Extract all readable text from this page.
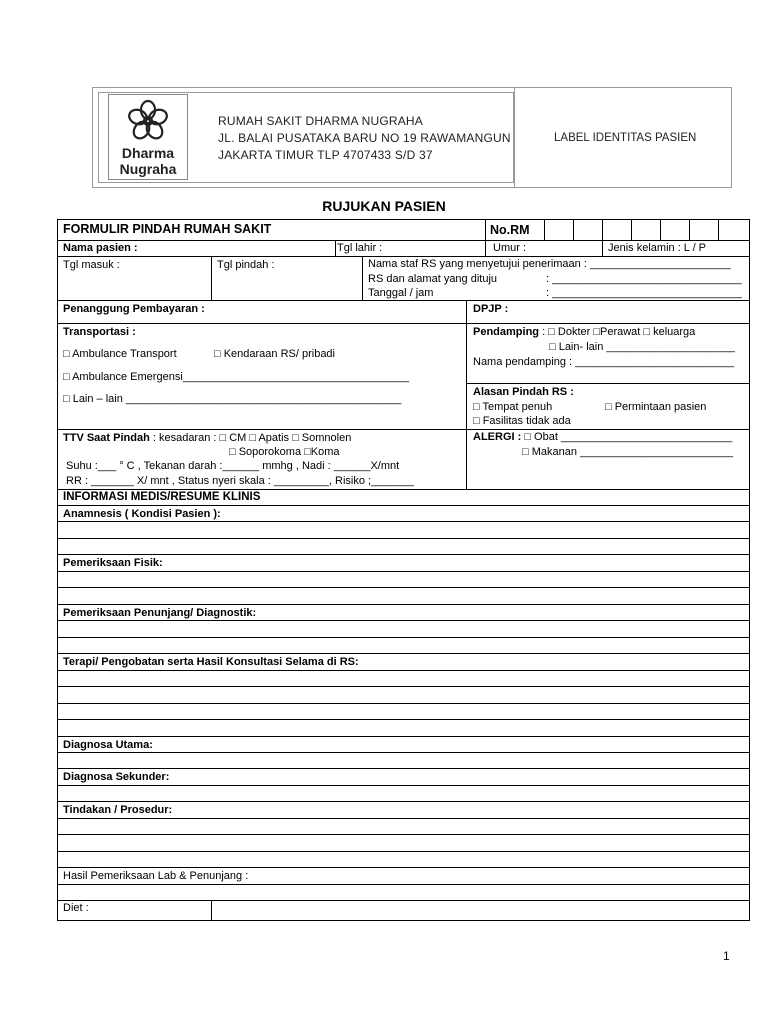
Dharma
Nugraha
RUMAH SAKIT DHARMA NUGRAHA
JL. BALAI PUSATAKA BARU NO 19 RAWAMANGUN
JAKARTA TIMUR TLP 4707433 S/D 37
LABEL IDENTITAS PASIEN
RUJUKAN PASIEN
FORMULIR PINDAH RUMAH SAKIT	No.RM
Nama pasien :	Tgl lahir :	Umur :	Jenis kelamin : L / P
Tgl masuk :	Tgl pindah :	Nama staf RS yang menyetujui penerimaan : _______________________
RS dan alamat yang dituju	: _______________________________
Tanggal / jam	: _______________________________
Penanggung Pembayaran :	DPJP :
Transportasi :
□ Ambulance Transport	□ Kendaraan RS/ pribadi
□ Ambulance Emergensi_____________________________________
□ Lain – lain _____________________________________________
Pendamping : □ Dokter □Perawat □ keluarga
□ Lain- lain _____________________
Nama pendamping : __________________________
Alasan Pindah RS :
□ Tempat penuh	□ Permintaan pasien
□ Fasilitas tidak ada
TTV Saat Pindah : kesadaran : □ CM □ Apatis □ Somnolen
□ Soporokoma □Koma
Suhu :___ ° C , Tekanan darah :______ mmhg , Nadi : ______X/mnt
RR : _______ X/ mnt , Status nyeri skala : _________, Risiko ;_______
ALERGI : □ Obat ____________________________
□ Makanan _________________________
INFORMASI MEDIS/RESUME KLINIS
Anamnesis ( Kondisi Pasien ):
Pemeriksaan Fisik:
Pemeriksaan Penunjang/ Diagnostik:
Terapi/ Pengobatan serta Hasil Konsultasi Selama di RS:
Diagnosa Utama:
Diagnosa Sekunder:
Tindakan / Prosedur:
Hasil Pemeriksaan Lab & Penunjang :
Diet :
1
